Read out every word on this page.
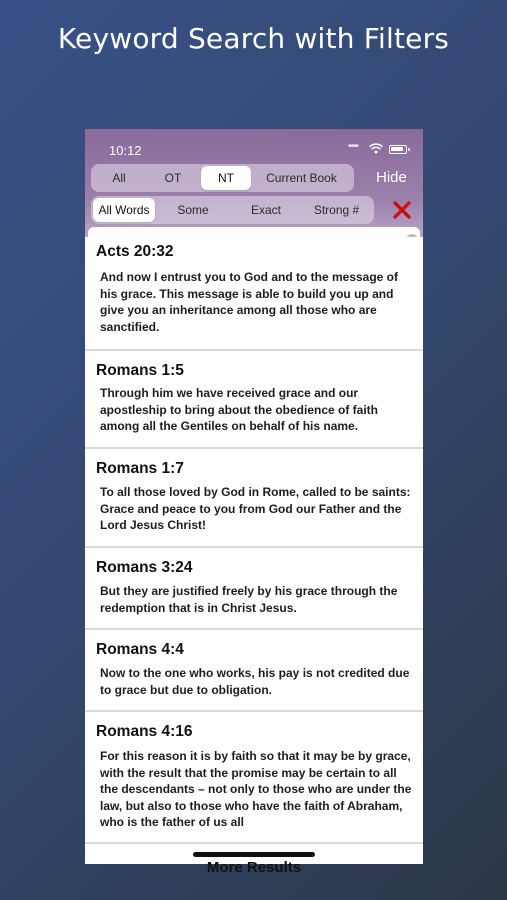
Keyword Search with Filters
10:12	••••
All	OT	NT	Current Book	Hide
All Words	Some	Exact	Strong #
grace
Acts 20:32
And now I entrust you to God and to the message of his grace. This message is able to build you up and give you an inheritance among all those who are sanctified.
Romans 1:5
Through him we have received grace and our apostleship to bring about the obedience of faith among all the Gentiles on behalf of his name.
Romans 1:7
To all those loved by God in Rome, called to be saints: Grace and peace to you from God our Father and the Lord Jesus Christ!
Romans 3:24
But they are justified freely by his grace through the redemption that is in Christ Jesus.
Romans 4:4
Now to the one who works, his pay is not credited due to grace but due to obligation.
Romans 4:16
For this reason it is by faith so that it may be by grace, with the result that the promise may be certain to all the descendants – not only to those who are under the law, but also to those who have the faith of Abraham, who is the father of us all
More Results
